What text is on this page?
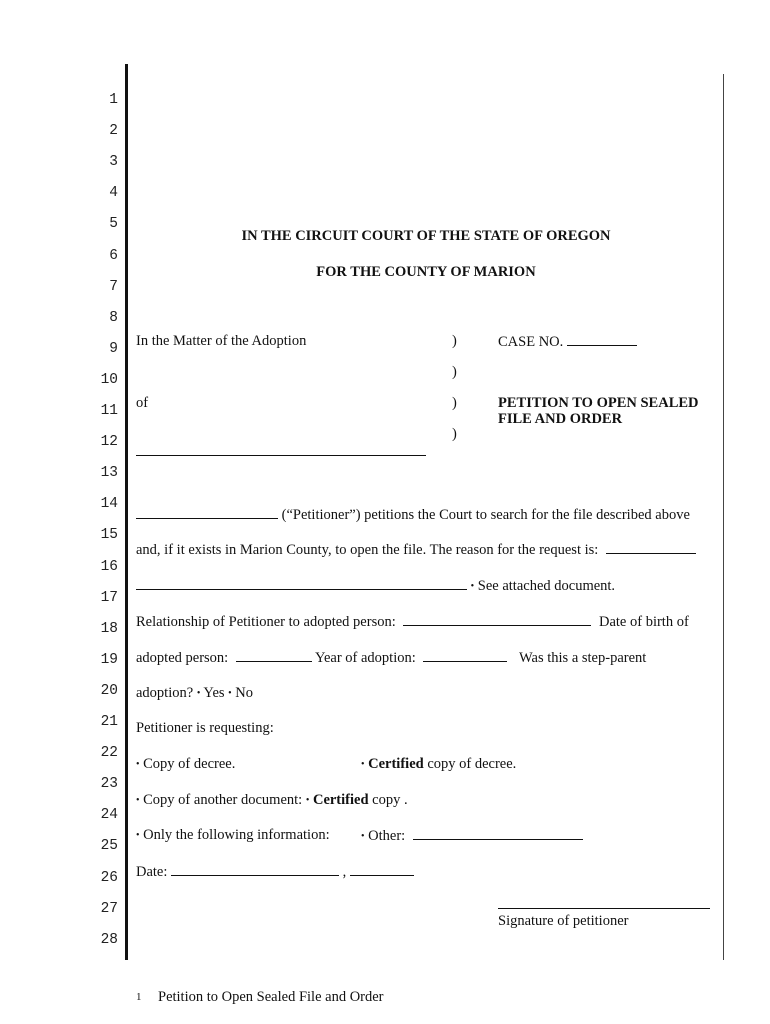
1
2
3
4
5
6
7
8
9
10
11
12
13
14
15
16
17
18
19
20
21
22
23
24
25
26
27
28
IN THE CIRCUIT COURT OF THE STATE OF OREGON
FOR THE COUNTY OF MARION
In the Matter of the Adoption
of
)
)
)
)
CASE NO.
PETITION TO OPEN SEALED
FILE AND ORDER
(“Petitioner”) petitions the Court to search for the file described above
and, if it exists in Marion County, to open the file. The reason for the request is:
• See attached document.
Relationship of Petitioner to adopted person:	Date of birth of
adopted person:	Year of adoption:	Was this a step-parent
adoption? • Yes • No
Petitioner is requesting:
• Copy of decree.	• Certified copy of decree.
• Copy of another document: • Certified copy .
• Only the following information:	• Other:
Date:	,
Signature of petitioner
1 Petition to Open Sealed File and Order
